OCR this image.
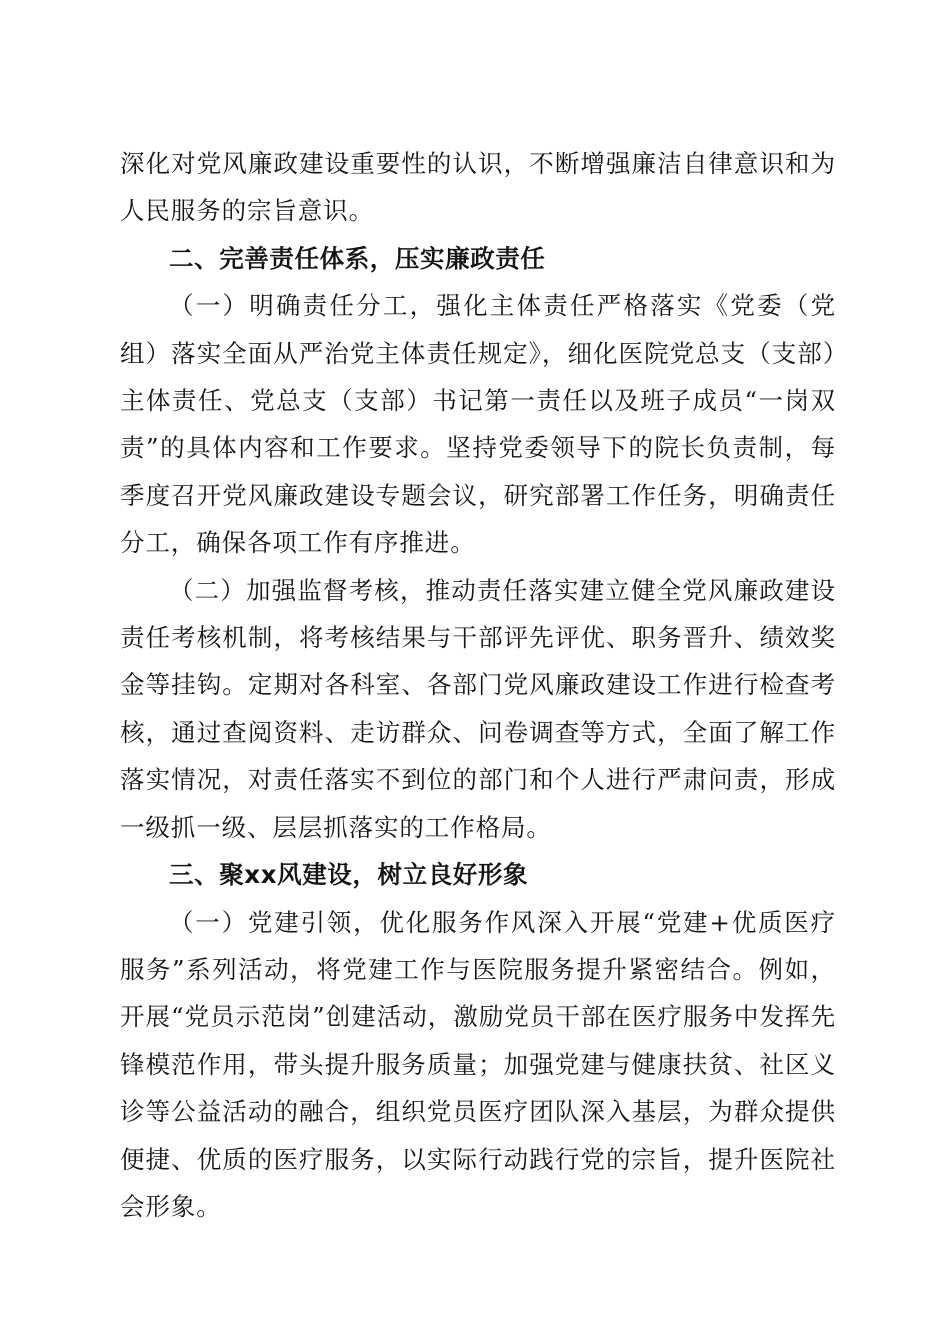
深化对党风廉政建设重要性的认识，不断增强廉洁自律意识和为人民服务的宗旨意识。

二、完善责任体系，压实廉政责任

（一）明确责任分工，强化主体责任严格落实《党委（党组）落实全面从严治党主体责任规定》，细化医院党总支（支部）主体责任、党总支（支部）书记第一责任以及班子成员“一岗双责”的具体内容和工作要求。坚持党委领导下的院长负责制，每季度召开党风廉政建设专题会议，研究部署工作任务，明确责任分工，确保各项工作有序推进。

（二）加强监督考核，推动责任落实建立健全党风廉政建设责任考核机制，将考核结果与干部评先评优、职务晋升、绩效奖金等挂钩。定期对各科室、各部门党风廉政建设工作进行检查考核，通过查阅资料、走访群众、问卷调查等方式，全面了解工作落实情况，对责任落实不到位的部门和个人进行严肃问责，形成一级抓一级、层层抓落实的工作格局。

三、聚xx风建设，树立良好形象

（一）党建引领，优化服务作风深入开展“党建+优质医疗服务”系列活动，将党建工作与医院服务提升紧密结合。例如，开展“党员示范岗”创建活动，激励党员干部在医疗服务中发挥先锋模范作用，带头提升服务质量；加强党建与健康扶贫、社区义诊等公益活动的融合，组织党员医疗团队深入基层，为群众提供便捷、优质的医疗服务，以实际行动践行党的宗旨，提升医院社会形象。
